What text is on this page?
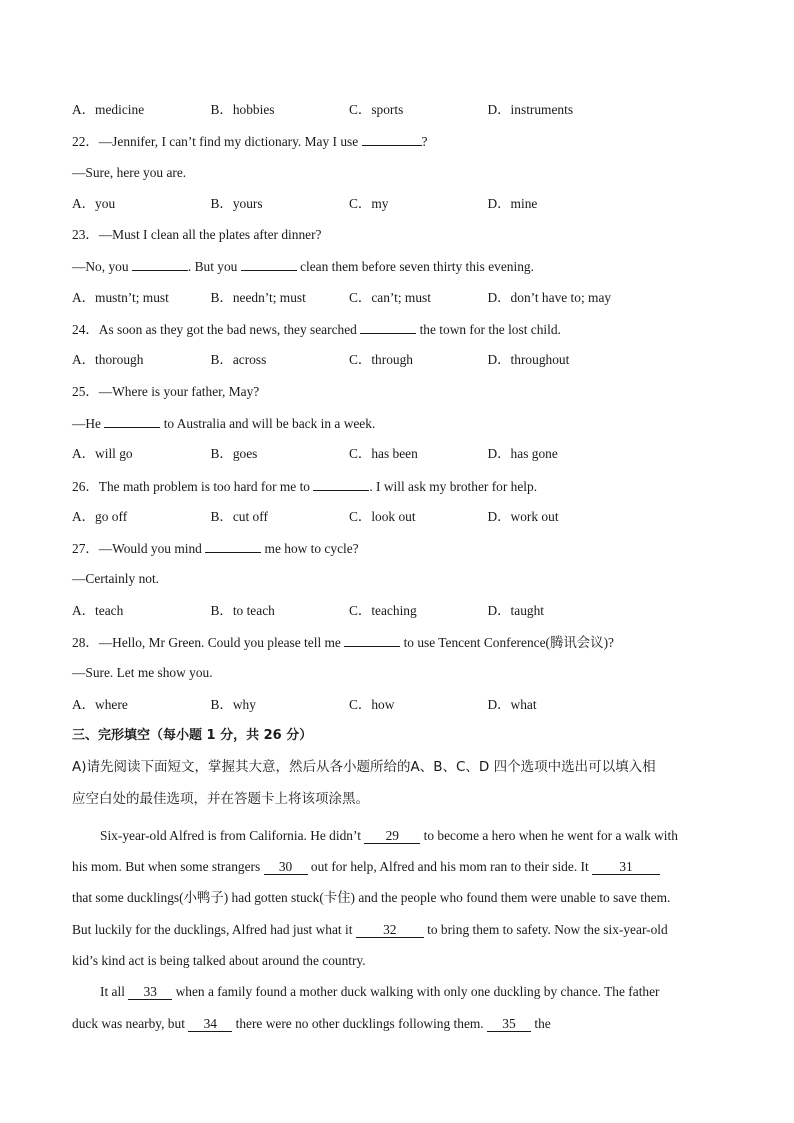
A．medicine	B．hobbies	C．sports	D．instruments
22．—Jennifer, I can’t find my dictionary. May I use	?
—Sure, here you are.
A．you	B．yours	C．my	D．mine
23．—Must I clean all the plates after dinner?
—No, you	. But you	clean them before seven thirty this evening.
A．mustn’t; must	B．needn’t; must	C．can’t; must	D．don’t have to; may
24．As soon as they got the bad news, they searched	the town for the lost child.
A．thorough	B．across	C．through	D．throughout
25．—Where is your father, May?
—He	to Australia and will be back in a week.
A．will go	B．goes	C．has been	D．has gone
26．The math problem is too hard for me to	. I will ask my brother for help.
A．go off	B．cut off	C．look out	D．work out
27．—Would you mind	me how to cycle?
—Certainly not.
A．teach	B．to teach	C．teaching	D．taught
28．—Hello, Mr Green. Could you please tell me	to use Tencent Conference(腾讯会议)?
—Sure. Let me show you.
A．where	B．why	C．how	D．what
三、完形填空（每小题 1 分，共 26 分）
A)请先阅读下面短文，掌握其大意，然后从各小题所给的A、B、C、D 四个选项中选出可以填入相
应空白处的最佳选项，并在答题卡上将该项涂黑。
Six-year-old Alfred is from California. He didn’t 29 to become a hero when he went for a walk with his mom. But when some strangers 30 out for help, Alfred and his mom ran to their side. It 31 that some ducklings(小鸭子) had gotten stuck(卡住) and the people who found them were unable to save them. But luckily for the ducklings, Alfred had just what it 32 to bring them to safety. Now the six-year-old kid’s kind act is being talked about around the country.
It all 33 when a family found a mother duck walking with only one duckling by chance. The father duck was nearby, but 34 there were no other ducklings following them. 35 the
